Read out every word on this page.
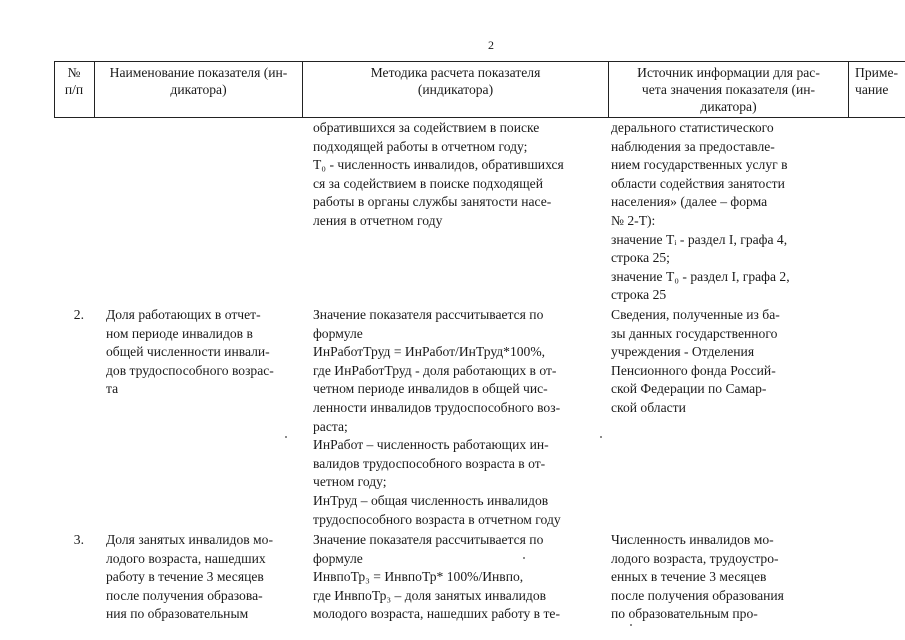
2
№
п/п
Наименование показателя (ин-
дикатора)
Методика расчета показателя
(индикатора)
Источник информации для рас-
чета значения показателя (ин-
дикатора)
Приме-
чание

обратившихся за содействием в поиске

подходящей работы в отчетном году;

T₀ - численность инвалидов, обратившихся

ся за содействием в поиске подходящей

работы в органы службы занятости насе-

ления в отчетном году

дерального статистического

наблюдения за предоставле-

нием государственных услуг в

области содействия занятости

населения» (далее – форма

№ 2-Т):

значение Tᵢ - раздел I, графа 4,

строка 25;

значение T₀ - раздел I, графа 2,

строка 25

2. Доля работающих в отчет-

ном периоде инвалидов в

общей численности инвали-

дов трудоспособного возрас-

та

Значение показателя рассчитывается по

формуле

ИнРаботТруд = ИнРабот/ИнТруд*100%,

где ИнРаботТруд - доля работающих в от-

четном периоде инвалидов в общей чис-

ленности инвалидов трудоспособного воз-

раста;

ИнРабот – численность работающих ин-

валидов трудоспособного возраста в от-

четном году;

ИнТруд – общая численность инвалидов

трудоспособного возраста в отчетном году

Сведения, полученные из ба-

зы данных государственного

учреждения - Отделения

Пенсионного фонда Россий-

ской Федерации по Самар-

ской области

3. Доля занятых инвалидов мо-

лодого возраста, нашедших

работу в течение 3 месяцев

после получения образова-

ния по образовательным

Значение показателя рассчитывается по

формуле

ИнвпоТр₃ = ИнвпоТр* 100%/Инвпо,

где ИнвпоТр₃ – доля занятых инвалидов

молодого возраста, нашедших работу в те-

Численность инвалидов мо-

лодого возраста, трудоустро-

енных в течение 3 месяцев

после получения образования

по образовательным про-
